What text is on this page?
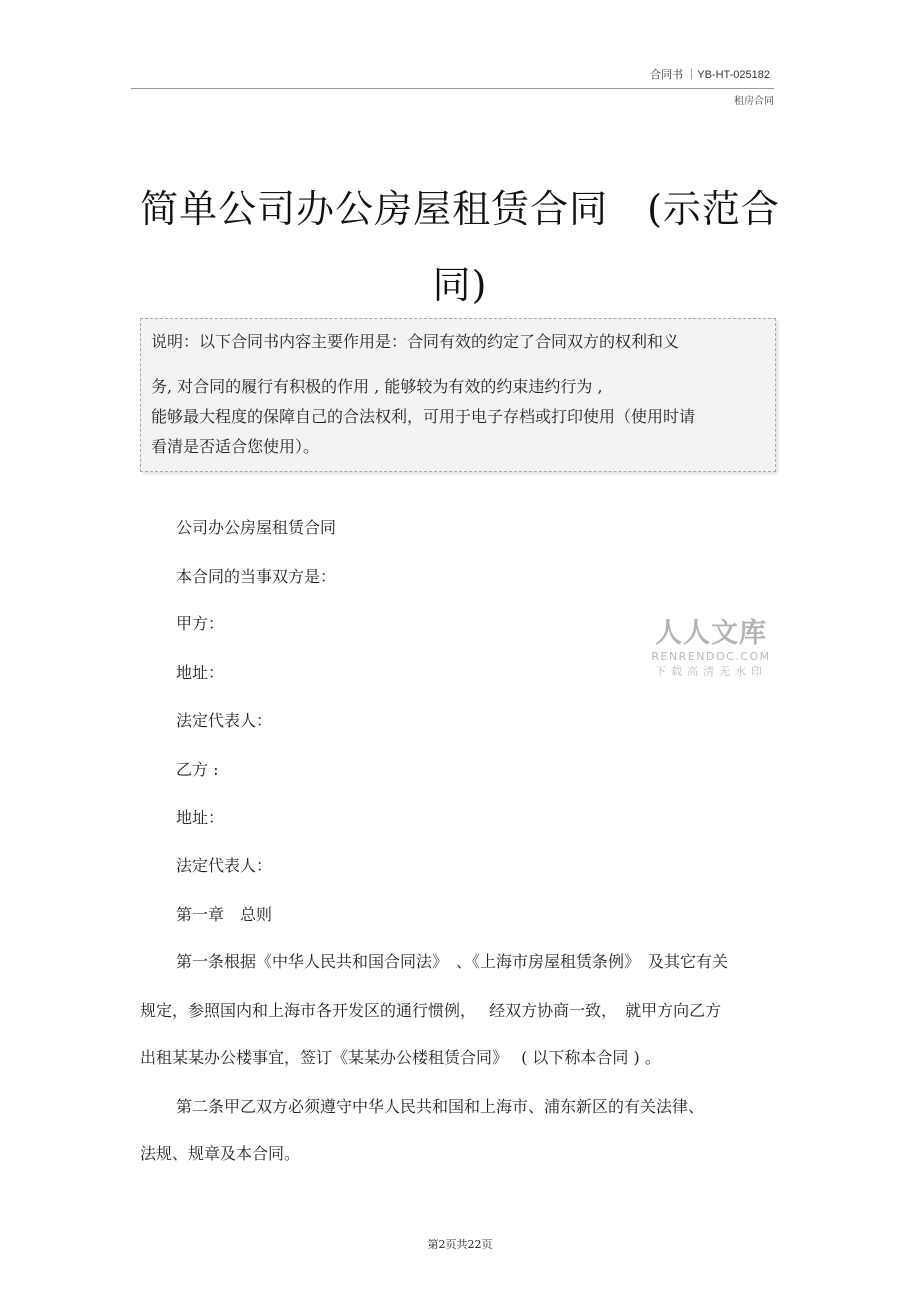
合同书 ｜YB-HT-025182
租房合同
简单公司办公房屋租赁合同　(示范合
同)
说明：以下合同书内容主要作用是：合同有效的约定了合同双方的权利和义
务, 对合同的履行有积极的作用 , 能够较为有效的约束违约行为 ,
能够最大程度的保障自己的合法权利，可用于电子存档或打印使用（使用时请
看清是否适合您使用）。
公司办公房屋租赁合同
本合同的当事双方是：
甲方：
地址：
法定代表人：
乙方 :
地址：
法定代表人：
第一章　总则
第一条根据《中华人民共和国合同法》　、《上海市房屋租赁条例》　及其它有关
规定，参照国内和上海市各开发区的通行惯例，　 经双方协商一致，　就甲方向乙方
出租某某办公楼事宜，签订《某某办公楼租赁合同》　 ( 以下称本合同 ) 。
第二条甲乙双方必须遵守中华人民共和国和上海市、浦东新区的有关法律、
法规、规章及本合同。
人人文库
RENRENDOC.COM
下载高清无水印
第2页共22页
